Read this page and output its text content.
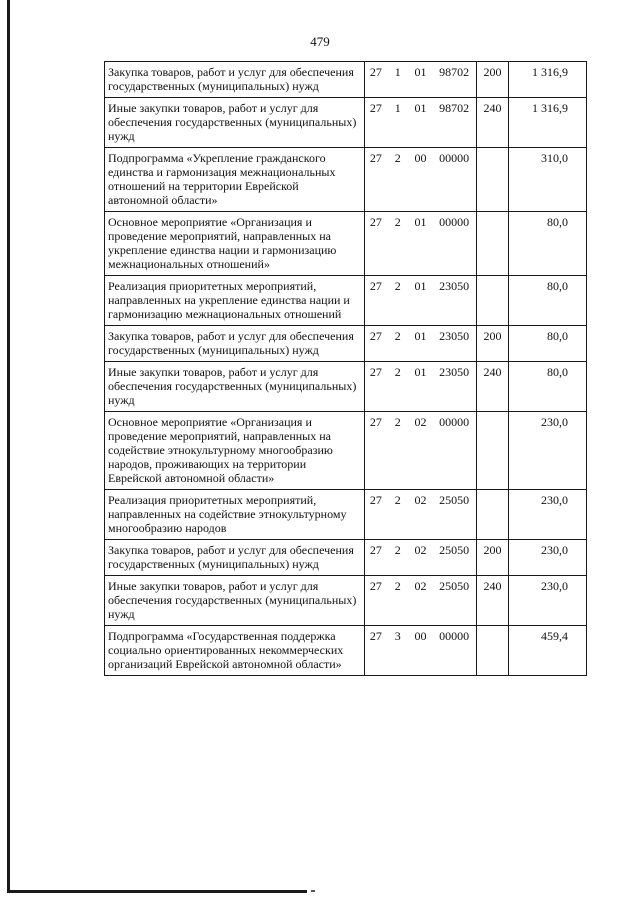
479
Закупка товаров, работ и услуг для обеспечения государственных (муниципальных) нужд	27 1 01 98702	200	1 316,9
Иные закупки товаров, работ и услуг для обеспечения государственных (муниципальных) нужд	27 1 01 98702	240	1 316,9
Подпрограмма «Укрепление гражданского единства и гармонизация межнациональных отношений на территории Еврейской автономной области»	27 2 00 00000		310,0
Основное мероприятие «Организация и проведение мероприятий, направленных на укрепление единства нации и гармонизацию межнациональных отношений»	27 2 01 00000		80,0
Реализация приоритетных мероприятий, направленных на укрепление единства нации и гармонизацию межнациональных отношений	27 2 01 23050		80,0
Закупка товаров, работ и услуг для обеспечения государственных (муниципальных) нужд	27 2 01 23050	200	80,0
Иные закупки товаров, работ и услуг для обеспечения государственных (муниципальных) нужд	27 2 01 23050	240	80,0
Основное мероприятие «Организация и проведение мероприятий, направленных на содействие этнокультурному многообразию народов, проживающих на территории Еврейской автономной области»	27 2 02 00000		230,0
Реализация приоритетных мероприятий, направленных на содействие этнокультурному многообразию народов	27 2 02 25050		230,0
Закупка товаров, работ и услуг для обеспечения государственных (муниципальных) нужд	27 2 02 25050	200	230,0
Иные закупки товаров, работ и услуг для обеспечения государственных (муниципальных) нужд	27 2 02 25050	240	230,0
Подпрограмма «Государственная поддержка социально ориентированных некоммерческих организаций Еврейской автономной области»	27 3 00 00000		459,4
